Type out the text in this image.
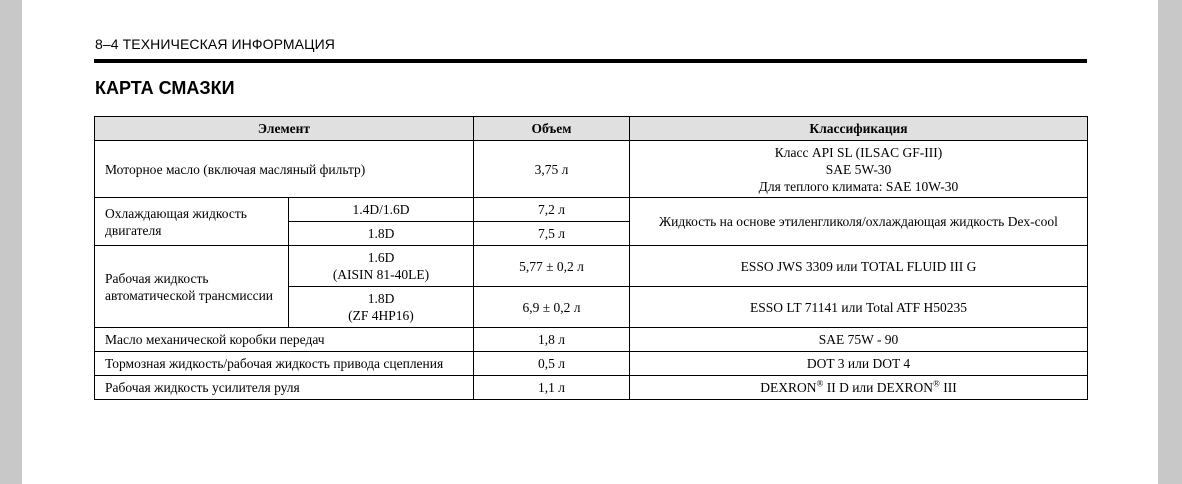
8–4 ТЕХНИЧЕСКАЯ ИНФОРМАЦИЯ
КАРТА СМАЗКИ
Элемент		Объем	Классификация
Моторное масло (включая масляный фильтр)		3,75 л	Класс API SL (ILSAC GF-III)
SAE 5W-30
Для теплого климата: SAE 10W-30

Охлаждающая жидкость двигателя	1.4D/1.6D	7,2 л	Жидкость на основе этиленгликоля/охлаждающая жидкость Dex-cool
	1.8D	7,5 л	
Рабочая жидкость автоматической трансмиссии	1.6D
(AISIN 81-40LE)	5,77 ± 0,2 л	ESSO JWS 3309 или TOTAL FLUID III G

	1.8D
(ZF 4HP16)	6,9 ± 0,2 л	ESSO LT 71141 или Total ATF H50235
Масло механической коробки передач		1,8 л	SAE 75W - 90
Тормозная жидкость/рабочая жидкость привода сцепления		0,5 л	DOT 3 или DOT 4
Рабочая жидкость усилителя руля		1,1 л	DEXRON® II D или DEXRON® III
